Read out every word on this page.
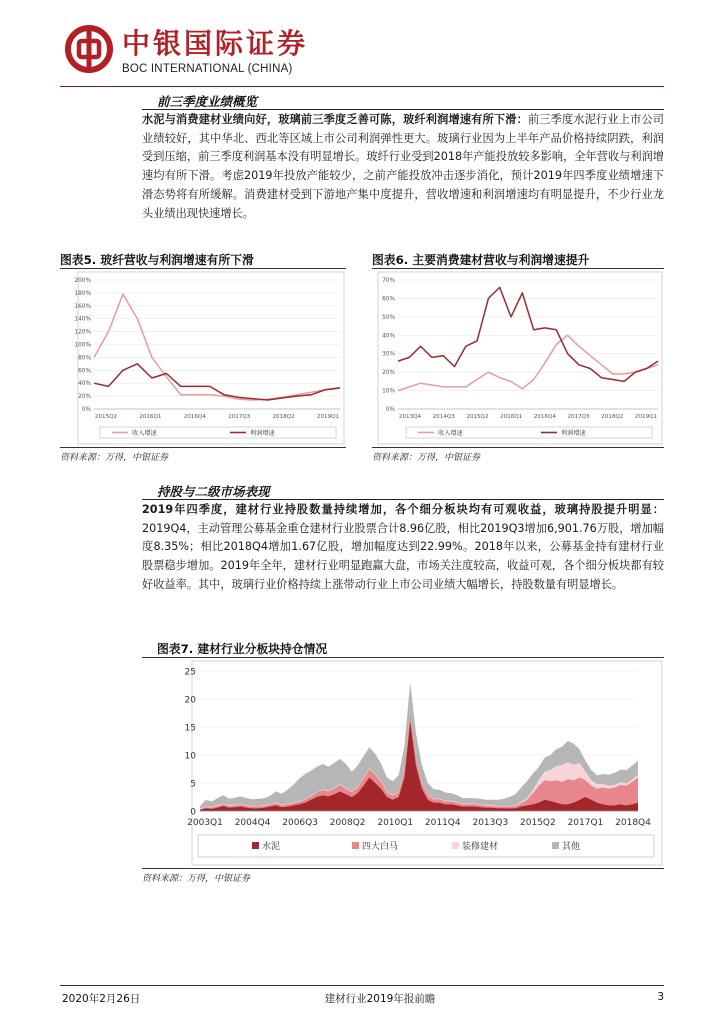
中银国际证券
BOC INTERNATIONAL (CHINA)
前三季度业绩概览
水泥与消费建材业绩向好，玻璃前三季度乏善可陈，玻纤利润增速有所下滑：前三季度水泥行业上市公司业绩较好，其中华北、西北等区域上市公司利润弹性更大。玻璃行业因为上半年产品价格持续阴跌，利润受到压缩，前三季度利润基本没有明显增长。玻纤行业受到2018年产能投放较多影响，全年营收与利润增速均有所下滑。考虑2019年投放产能较少，之前产能投放冲击逐步消化，预计2019年四季度业绩增速下滑态势将有所缓解。消费建材受到下游地产集中度提升，营收增速和利润增速均有明显提升，不少行业龙头业绩出现快速增长。
图表5. 玻纤营收与利润增速有所下滑
0%
20%
40%
60%
80%
100%
120%
140%
160%
180%
200%
2015Q2	2016Q1	2016Q4	2017Q3	2018Q2	2019Q1
收入增速	利润增速
资料来源：万得，中银证券
图表6. 主要消费建材营收与利润增速提升
0%
10%
20%
30%
40%
50%
60%
70%
2013Q4 2014Q3 2015Q2 2016Q1 2016Q4 2017Q3 2018Q2 2019Q1
收入增速	利润增速
资料来源：万得，中银证券
持股与二级市场表现
2019年四季度，建材行业持股数量持续增加，各个细分板块均有可观收益，玻璃持股提升明显：2019Q4，主动管理公募基金重仓建材行业股票合计8.96亿股，相比2019Q3增加6,901.76万股，增加幅度8.35%；相比2018Q4增加1.67亿股，增加幅度达到22.99%。2018年以来，公募基金持有建材行业股票稳步增加。2019年全年，建材行业明显跑赢大盘，市场关注度较高，收益可观，各个细分板块都有较好收益率。其中，玻璃行业价格持续上涨带动行业上市公司业绩大幅增长，持股数量有明显增长。
图表7. 建材行业分板块持仓情况
0
5
10
15
20
25
2003Q1 2004Q4 2006Q3 2008Q2 2010Q1 2011Q4 2013Q3 2015Q2 2017Q1 2018Q4
水泥	四大白马	装修建材	其他
资料来源：万得，中银证券
2020年2月26日	建材行业2019年报前瞻	3
